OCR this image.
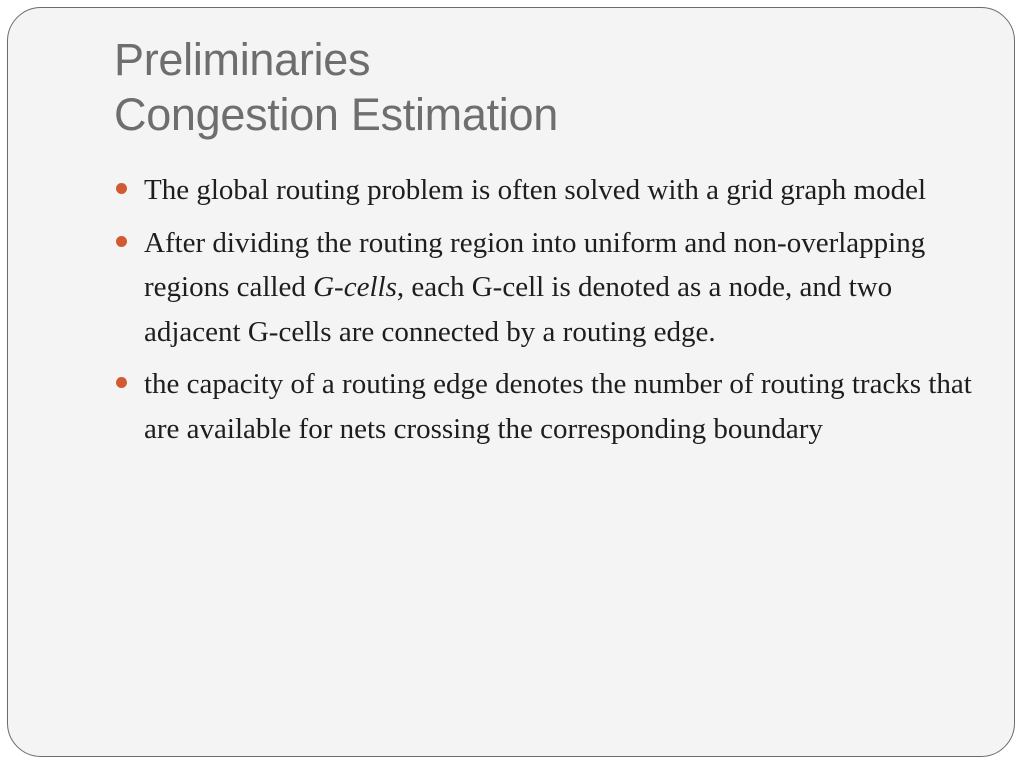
Preliminaries
Congestion Estimation
The global routing problem is often solved with a grid graph model
After dividing the routing region into uniform and non-overlapping regions called G-cells, each G-cell is denoted as a node, and two adjacent G-cells are connected by a routing edge.
the capacity of a routing edge denotes the number of routing tracks that are available for nets crossing the corresponding boundary
